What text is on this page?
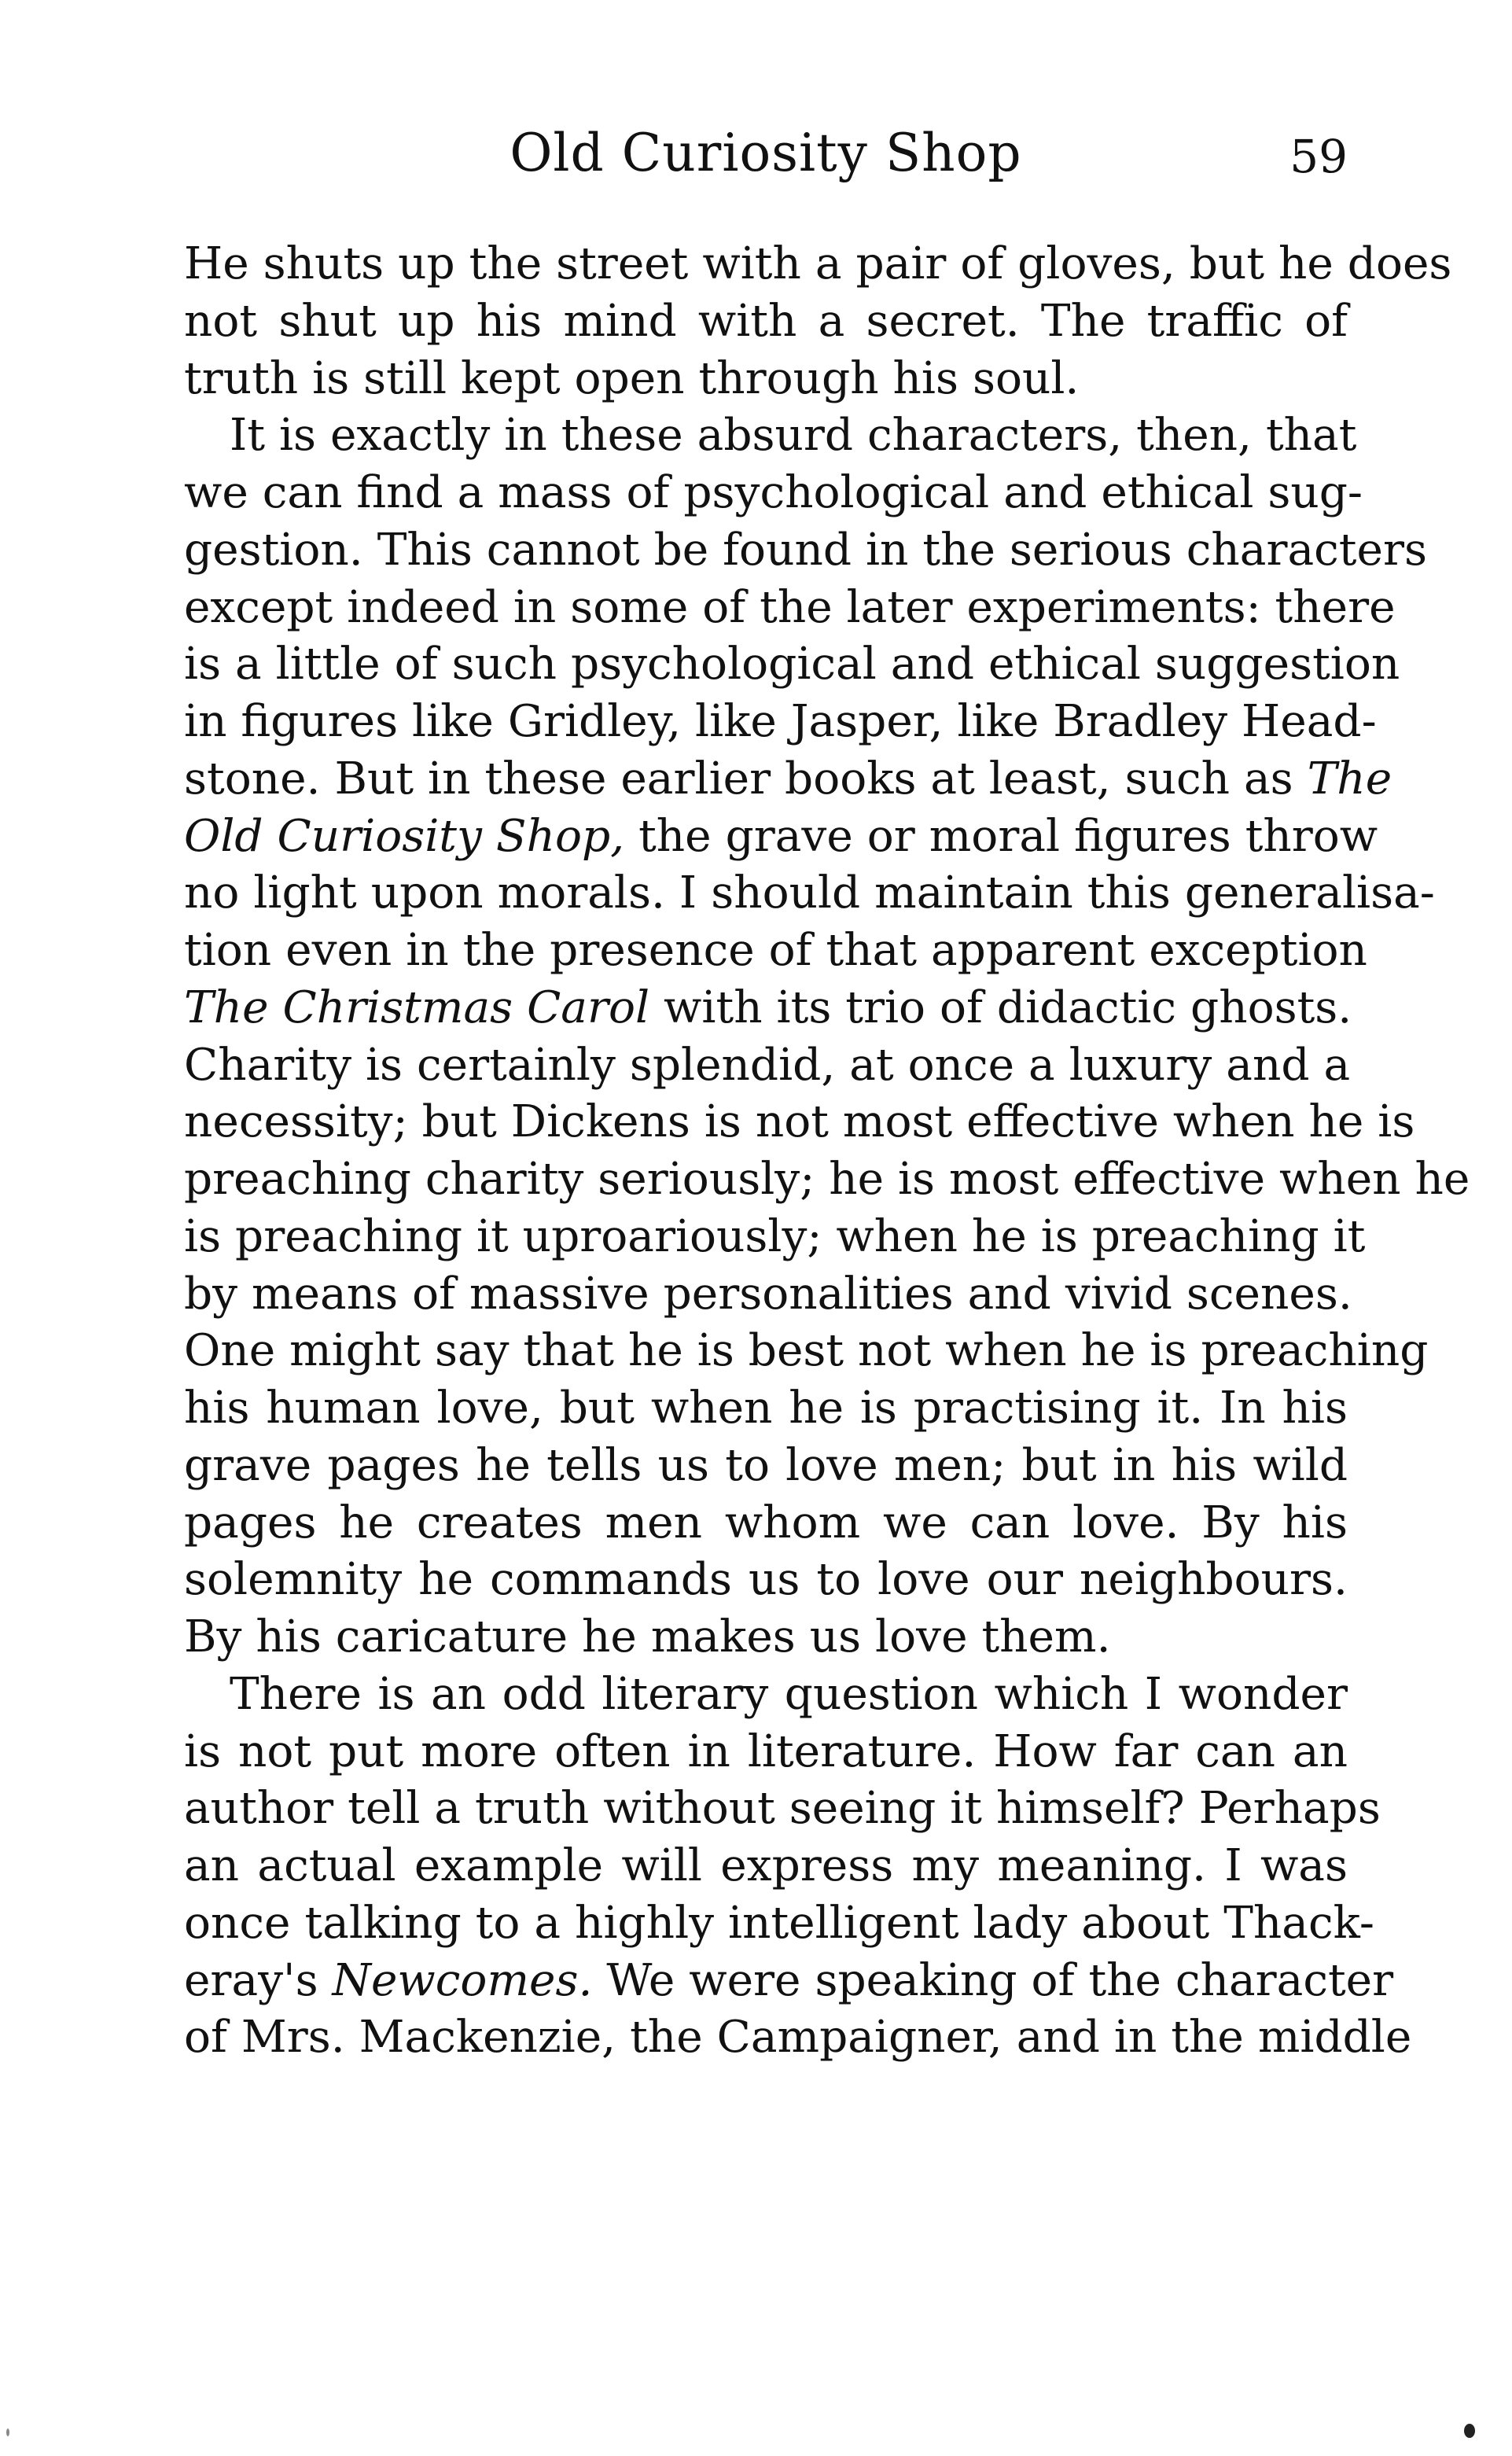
Old Curiosity Shop	59
He shuts up the street with a pair of gloves, but he does
not shut up his mind with a secret. The traffic of
truth is still kept open through his soul.
It is exactly in these absurd characters, then, that
we can find a mass of psychological and ethical sug-
gestion. This cannot be found in the serious characters
except indeed in some of the later experiments: there
is a little of such psychological and ethical suggestion
in figures like Gridley, like Jasper, like Bradley Head-
stone. But in these earlier books at least, such as The
Old Curiosity Shop, the grave or moral figures throw
no light upon morals. I should maintain this generalisa-
tion even in the presence of that apparent exception
The Christmas Carol with its trio of didactic ghosts.
Charity is certainly splendid, at once a luxury and a
necessity; but Dickens is not most effective when he is
preaching charity seriously; he is most effective when he
is preaching it uproariously; when he is preaching it
by means of massive personalities and vivid scenes.
One might say that he is best not when he is preaching
his human love, but when he is practising it. In his
grave pages he tells us to love men; but in his wild
pages he creates men whom we can love. By his
solemnity he commands us to love our neighbours.
By his caricature he makes us love them.
There is an odd literary question which I wonder
is not put more often in literature. How far can an
author tell a truth without seeing it himself? Perhaps
an actual example will express my meaning. I was
once talking to a highly intelligent lady about Thack-
eray's Newcomes. We were speaking of the character
of Mrs. Mackenzie, the Campaigner, and in the middle
